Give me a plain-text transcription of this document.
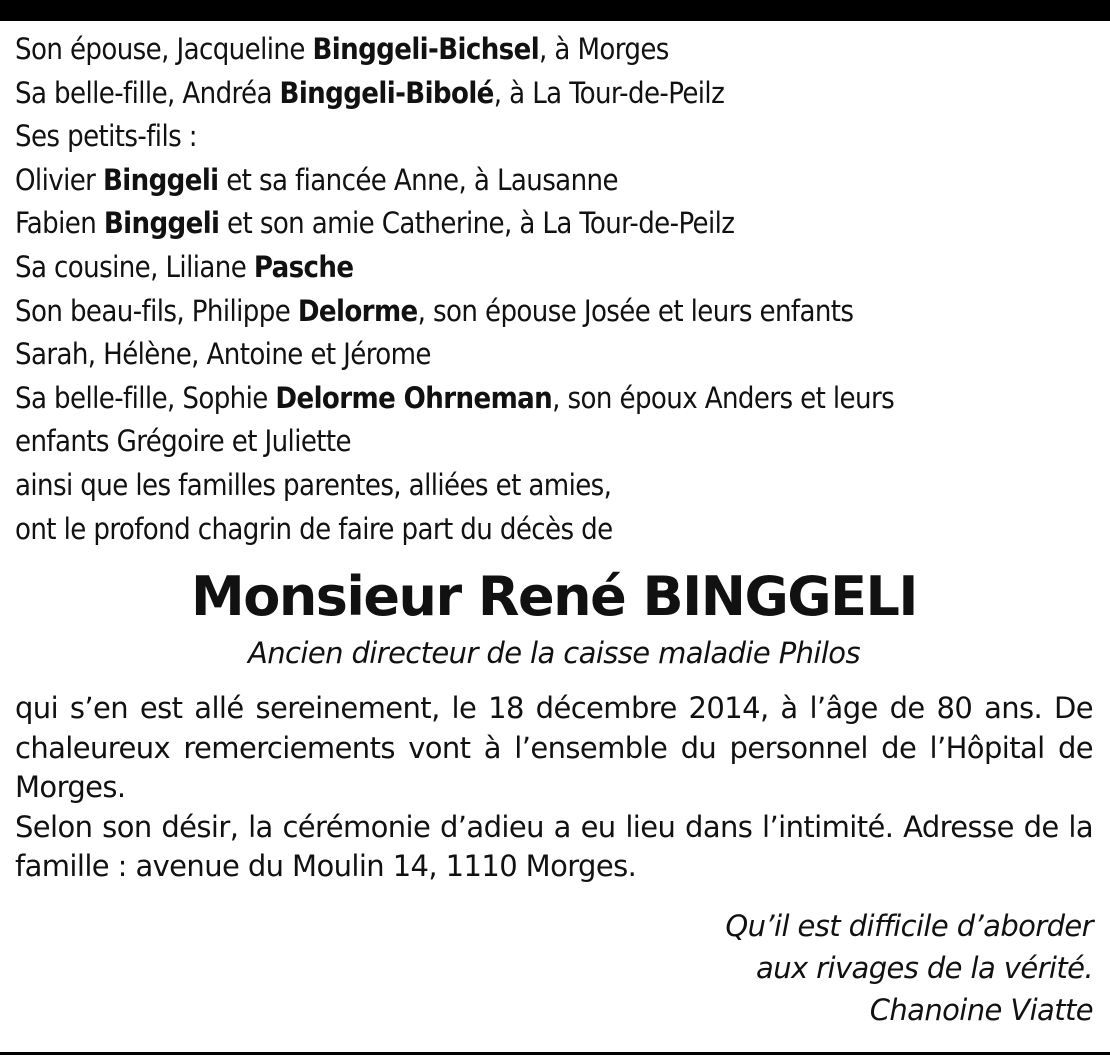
Son épouse, Jacqueline Binggeli-Bichsel, à Morges
Sa belle-fille, Andréa Binggeli-Bibolé, à La Tour-de-Peilz
Ses petits-fils :
Olivier Binggeli et sa fiancée Anne, à Lausanne
Fabien Binggeli et son amie Catherine, à La Tour-de-Peilz
Sa cousine, Liliane Pasche
Son beau-fils, Philippe Delorme, son épouse Josée et leurs enfants
Sarah, Hélène, Antoine et Jérome
Sa belle-fille, Sophie Delorme Ohrneman, son époux Anders et leurs
enfants Grégoire et Juliette
ainsi que les familles parentes, alliées et amies,
ont le profond chagrin de faire part du décès de
Monsieur René BINGGELI
Ancien directeur de la caisse maladie Philos
qui s’en est allé sereinement, le 18 décembre 2014, à l’âge de 80 ans. De chaleureux remerciements vont à l’ensemble du personnel de l’Hôpital de Morges.
Selon son désir, la cérémonie d’adieu a eu lieu dans l’intimité. Adresse de la famille : avenue du Moulin 14, 1110 Morges.
Qu’il est difficile d’aborder
aux rivages de la vérité.
Chanoine Viatte
